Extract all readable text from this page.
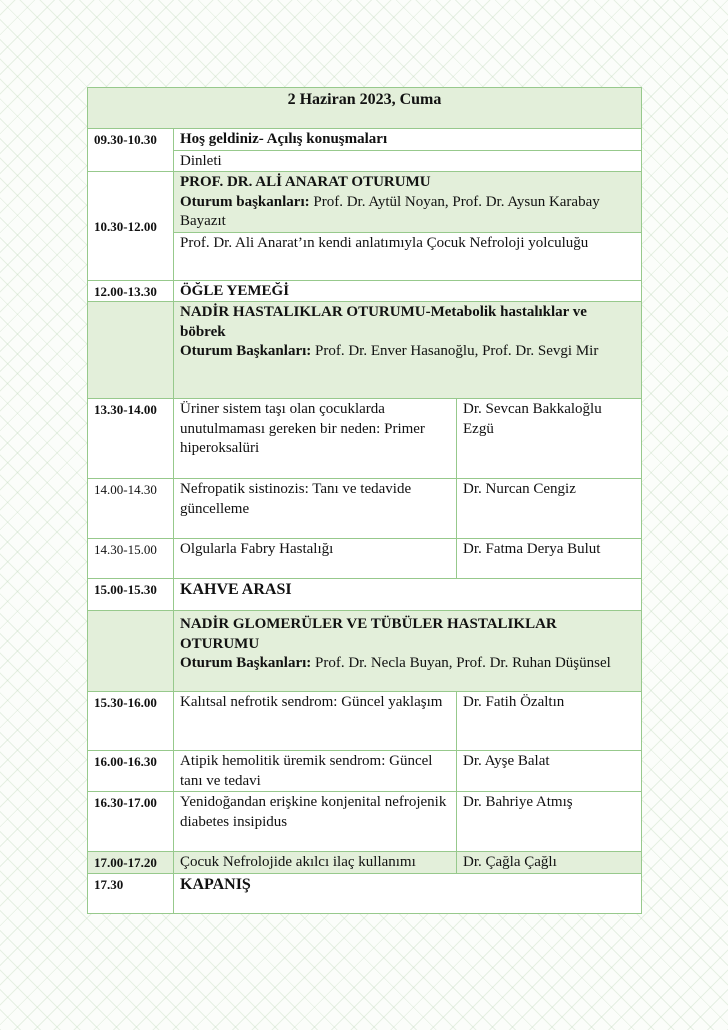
2 Haziran 2023, Cuma		
09.30-10.30	Hoş geldiniz- Açılış konuşmaları	
	Dinleti	
10.30-12.00	PROF. DR. ALİ ANARAT OTURUMU
Oturum başkanları: Prof. Dr. Aytül Noyan, Prof. Dr. Aysun Karabay Bayazıt	

	Prof. Dr. Ali Anarat’ın kendi anlatımıyla Çocuk Nefroloji yolculuğu	
12.00-13.30	ÖĞLE YEMEĞİ	

	NADİR HASTALIKLAR OTURUMU-Metabolik hastalıklar ve böbrek
Oturum Başkanları: Prof. Dr. Enver Hasanoğlu, Prof. Dr. Sevgi Mir	

13.30-14.00	Üriner sistem taşı olan çocuklarda unutulmaması gereken bir neden: Primer hiperoksalüri	Dr. Sevcan Bakkaloğlu Ezgü
14.00-14.30	Nefropatik sistinozis: Tanı ve tedavide güncelleme	Dr. Nurcan Cengiz
14.30-15.00	Olgularla Fabry Hastalığı	Dr. Fatma Derya Bulut
15.00-15.30	KAHVE ARASI	

	NADİR GLOMERÜLER VE TÜBÜLER HASTALIKLAR OTURUMU
Oturum Başkanları: Prof. Dr. Necla Buyan, Prof. Dr. Ruhan Düşünsel	

15.30-16.00	Kalıtsal nefrotik sendrom: Güncel yaklaşım	Dr. Fatih Özaltın
16.00-16.30	Atipik hemolitik üremik sendrom: Güncel tanı ve tedavi	Dr. Ayşe Balat
16.30-17.00	Yenidoğandan erişkine konjenital nefrojenik diabetes insipidus	Dr. Bahriye Atmış
17.00-17.20	Çocuk Nefrolojide akılcı ilaç kullanımı	Dr. Çağla Çağlı
17.30	KAPANIŞ	
